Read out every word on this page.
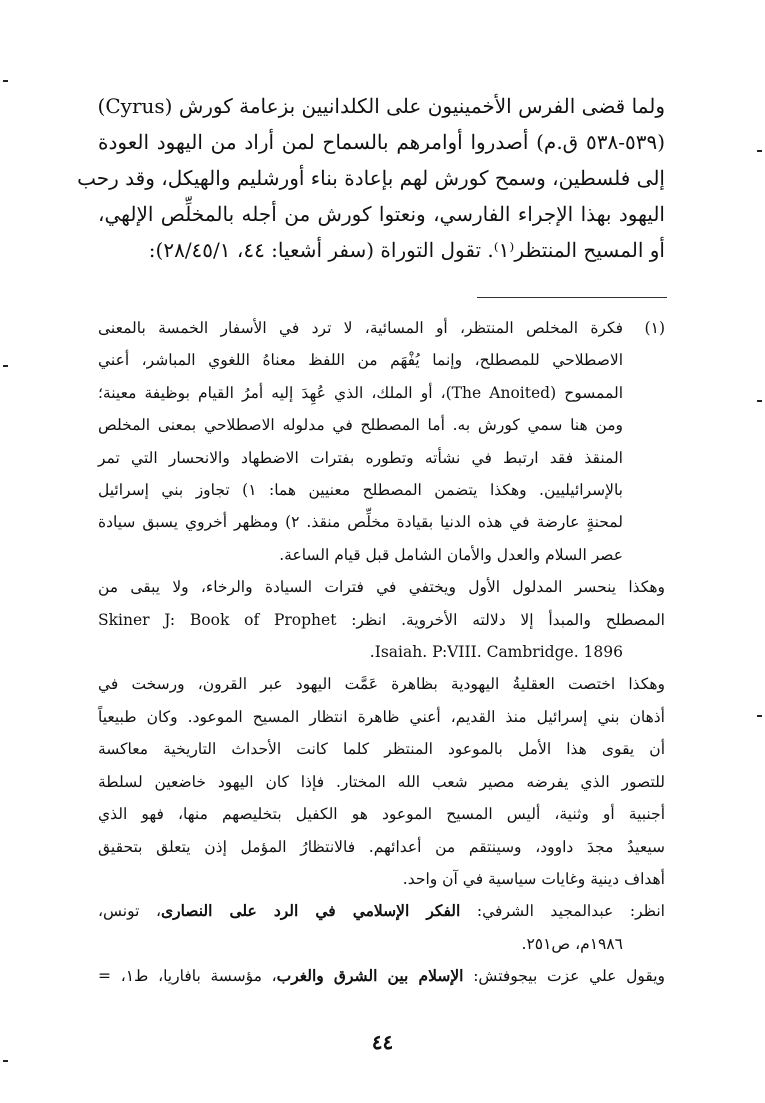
ولما قضى الفرس الأخمينيون على الكلدانيين بزعامة كورش (Cyrus)
(٥٣٩-٥٣٨ ق.م) أصدروا أوامرهم بالسماح لمن أراد من اليهود العودة
إلى فلسطين، وسمح كورش لهم بإعادة بناء أورشليم والهيكل، وقد رحب
اليهود بهذا الإجراء الفارسي، ونعتوا كورش من أجله بالمخلِّص الإلهي،
أو المسيح المنتظر⁽١⁾. تقول التوراة (سفر أشعيا: ٤٤، ٢٨/٤٥/١):

(١)
فكرة المخلص المنتظر، أو المسائية، لا ترد في الأسفار الخمسة بالمعنى
الاصطلاحي للمصطلح، وإنما يُفْهَم من اللفظ معناهُ اللغوي المباشر، أعني
الممسوح (The Anoited)، أو الملك، الذي عُهِدَ إليه أمرُ القيام بوظيفة معينة؛
ومن هنا سمي كورش به. أما المصطلح في مدلوله الاصطلاحي بمعنى المخلص
المنقذ فقد ارتبط في نشأته وتطوره بفترات الاضطهاد والانحسار التي تمر
بالإسرائيليين. وهكذا يتضمن المصطلح معنيين هما: ١) تجاوز بني إسرائيل
لمحنةٍ عارضة في هذه الدنيا بقيادة مخلِّص منقذ. ٢) ومظهر أخروي يسبق سيادة
عصر السلام والعدل والأمان الشامل قبل قيام الساعة.
وهكذا ينحسر المدلول الأول ويختفي في فترات السيادة والرخاء، ولا يبقى من
المصطلح والمبدأ إلا دلالته الأخروية. انظر: Skiner J: Book of Prophet
Isaiah. P:VIII. Cambridge. 1896.
وهكذا اختصت العقليةُ اليهودية بظاهرة عَمَّت اليهود عبر القرون، ورسخت في
أذهان بني إسرائيل منذ القديم، أعني ظاهرة انتظار المسيح الموعود. وكان طبيعياً
أن يقوى هذا الأمل بالموعود المنتظر كلما كانت الأحداث التاريخية معاكسة
للتصور الذي يفرضه مصير شعب الله المختار. فإذا كان اليهود خاضعين لسلطة
أجنبية أو وثنية، أليس المسيح الموعود هو الكفيل بتخليصهم منها، فهو الذي
سيعيدُ مجدَ داوود، وسينتقم من أعدائهم. فالانتظارُ المؤمل إذن يتعلق بتحقيق
أهداف دينية وغايات سياسية في آن واحد.
انظر: عبدالمجيد الشرفي: الفكر الإسلامي في الرد على النصارى، تونس،
١٩٨٦م، ص٢٥١.
ويقول علي عزت بيجوفتش: الإسلام بين الشرق والغرب، مؤسسة بافاريا، ط١، =
٤٤
